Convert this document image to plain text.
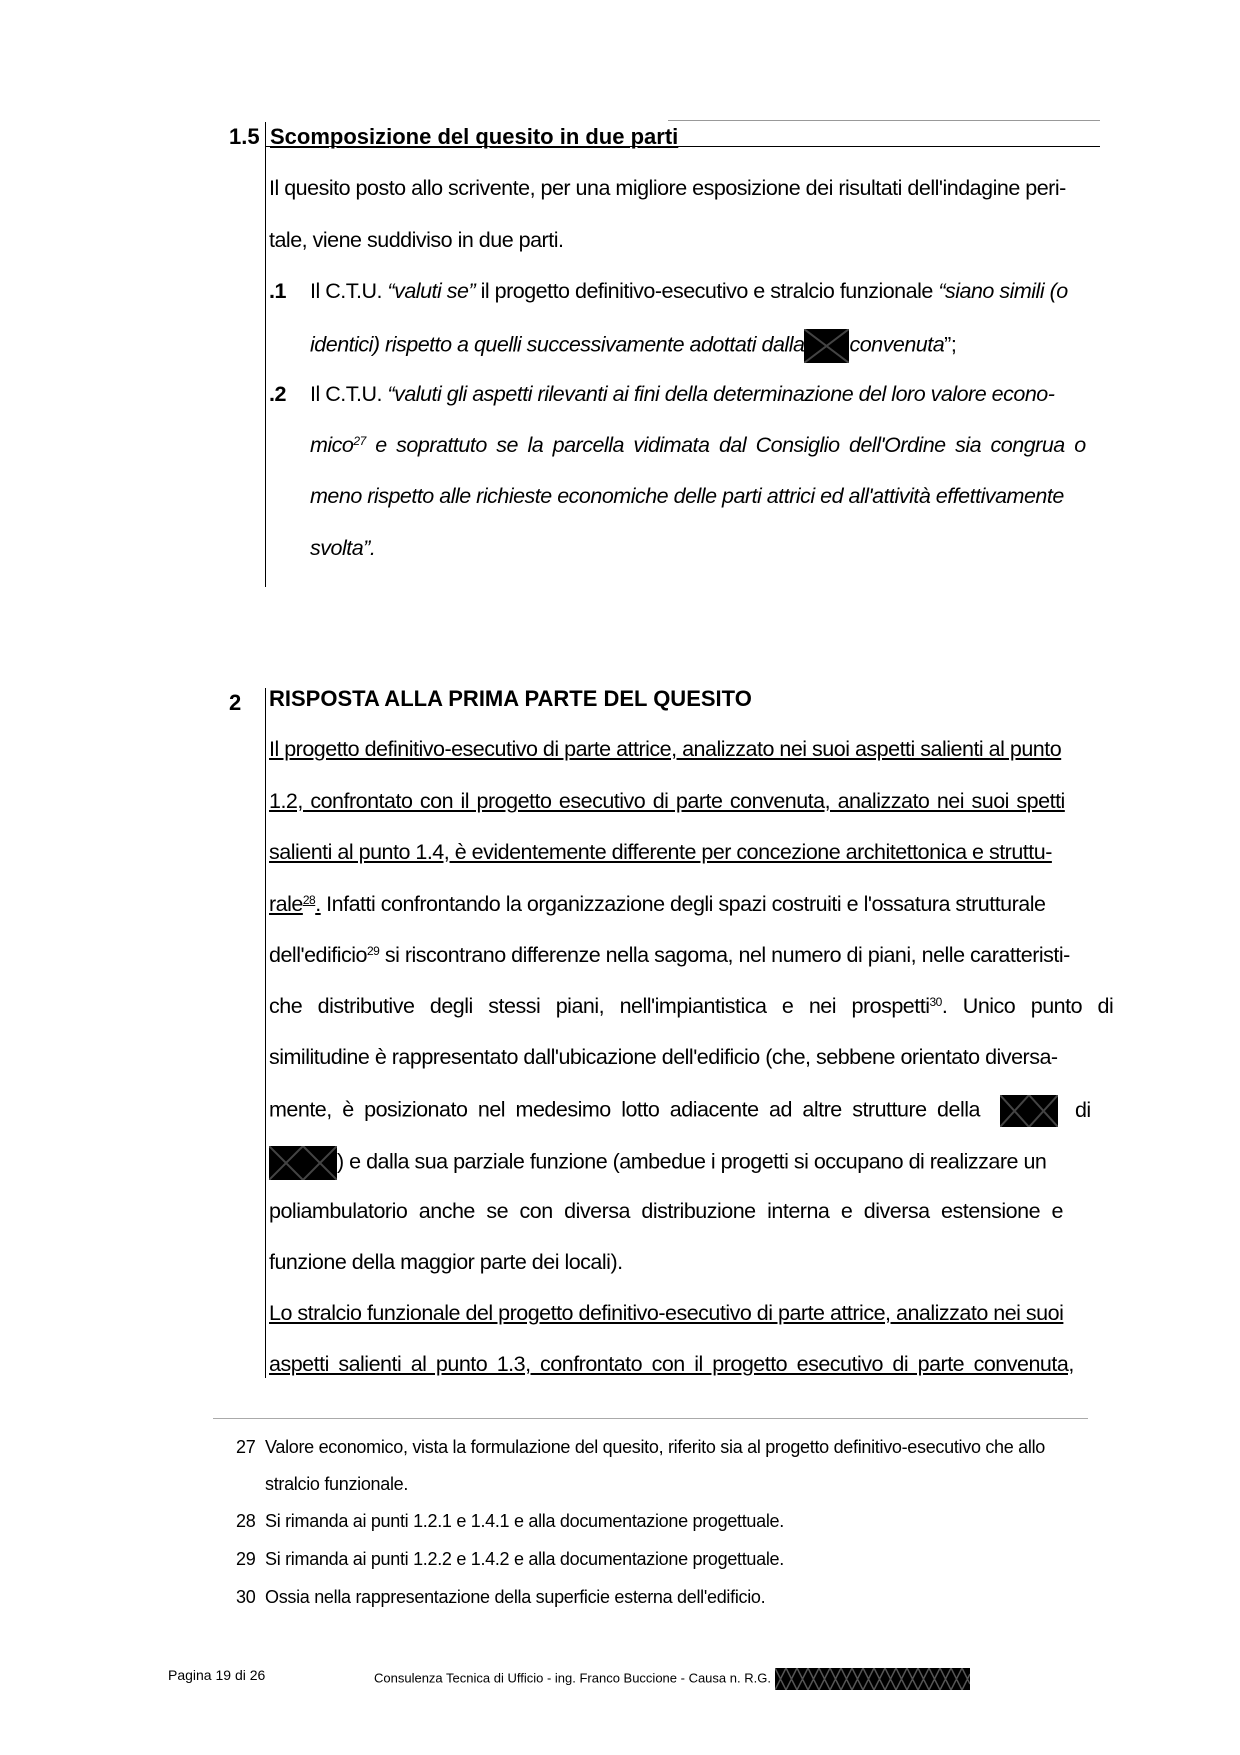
1.5 Scomposizione del quesito in due parti
Il quesito posto allo scrivente, per una migliore esposizione dei risultati dell'indagine peri-
tale, viene suddiviso in due parti.
.1 Il C.T.U. “valuti se” il progetto definitivo-esecutivo e stralcio funzionale “siano simili (o
identici) rispetto a quelli successivamente adottati dalla convenuta”;
.2 Il C.T.U. “valuti gli aspetti rilevanti ai fini della determinazione del loro valore econo-
mico$^{27}$ e soprattuto se la parcella vidimata dal Consiglio dell'Ordine sia congrua o
meno rispetto alle richieste economiche delle parti attrici ed all'attività effettivamente
svolta”.
2 RISPOSTA ALLA PRIMA PARTE DEL QUESITO
Il progetto definitivo-esecutivo di parte attrice, analizzato nei suoi aspetti salienti al punto
1.2, confrontato con il progetto esecutivo di parte convenuta, analizzato nei suoi spetti
salienti al punto 1.4, è evidentemente differente per concezione architettonica e struttu-
rale$^{28}$. Infatti confrontando la organizzazione degli spazi costruiti e l'ossatura strutturale
dell'edificio$^{29}$ si riscontrano differenze nella sagoma, nel numero di piani, nelle caratteristi-
che distributive degli stessi piani, nell'impiantistica e nei prospetti$^{30}$. Unico punto di
similitudine è rappresentato dall'ubicazione dell'edificio (che, sebbene orientato diversa-
mente, è posizionato nel medesimo lotto adiacente ad altre strutture della	di
) e dalla sua parziale funzione (ambedue i progetti si occupano di realizzare un
poliambulatorio anche se con diversa distribuzione interna e diversa estensione e
funzione della maggior parte dei locali).
Lo stralcio funzionale del progetto definitivo-esecutivo di parte attrice, analizzato nei suoi
aspetti salienti al punto 1.3, confrontato con il progetto esecutivo di parte convenuta,
27 Valore economico, vista la formulazione del quesito, riferito sia al progetto definitivo-esecutivo che allo
stralcio funzionale.
28 Si rimanda ai punti 1.2.1 e 1.4.1 e alla documentazione progettuale.
29 Si rimanda ai punti 1.2.2 e 1.4.2 e alla documentazione progettuale.
30 Ossia nella rappresentazione della superficie esterna dell'edificio.
Pagina 19 di 26	Consulenza Tecnica di Ufficio - ing. Franco Buccione - Causa n. R.G.
